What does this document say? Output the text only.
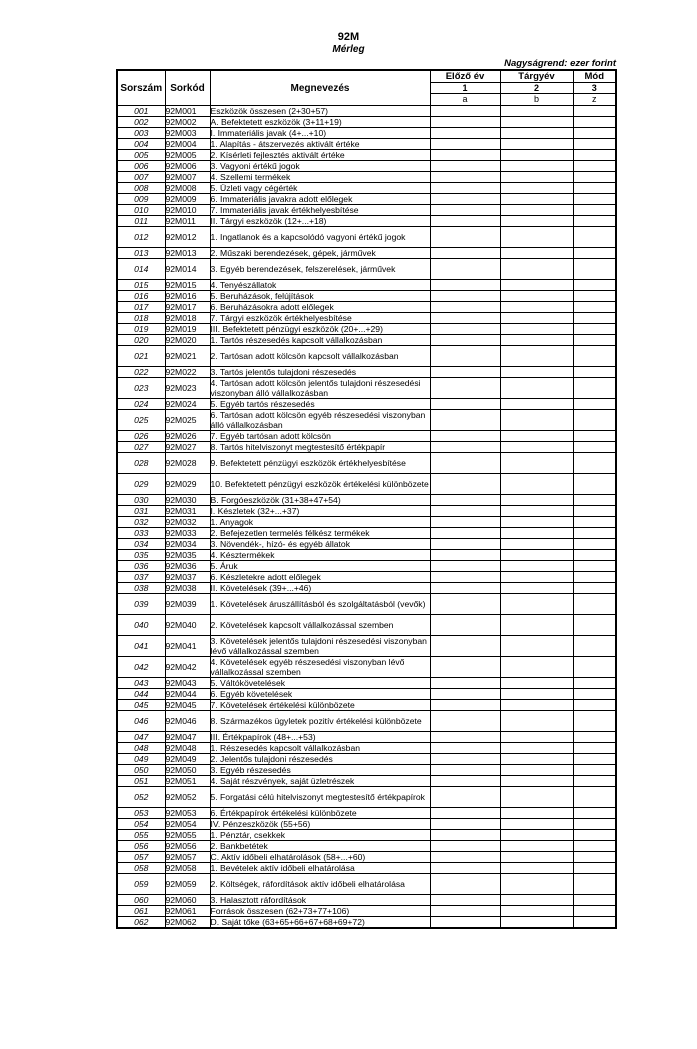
92M
Mérleg
Nagyságrend: ezer forint
Sorszám	Sorkód	Megnevezés	Előző év	Tárgyév	Mód
			1	2	3
			a	b	z
001	92M001	Eszközök összesen (2+30+57)			
002	92M002	A. Befektetett eszközök (3+11+19)			
003	92M003	I. Immateriális javak (4+...+10)			
004	92M004	1. Alapítás - átszervezés aktivált értéke			
005	92M005	2. Kísérleti fejlesztés aktivált értéke			
006	92M006	3. Vagyoni értékű jogok			
007	92M007	4. Szellemi termékek			
008	92M008	5. Üzleti vagy cégérték			
009	92M009	6. Immateriális javakra adott előlegek			
010	92M010	7. Immateriális javak értékhelyesbítése			
011	92M011	II. Tárgyi eszközök (12+...+18)			
012	92M012	1. Ingatlanok és a kapcsolódó vagyoni értékű jogok			
013	92M013	2. Műszaki berendezések, gépek, járművek			
014	92M014	3. Egyéb berendezések, felszerelések, járművek			
015	92M015	4. Tenyészállatok			
016	92M016	5. Beruházások, felújítások			
017	92M017	6. Beruházásokra adott előlegek			
018	92M018	7. Tárgyi eszközök értékhelyesbítése			
019	92M019	III. Befektetett pénzügyi eszközök (20+...+29)			
020	92M020	1. Tartós részesedés kapcsolt vállalkozásban			
021	92M021	2. Tartósan adott kölcsön kapcsolt vállalkozásban			
022	92M022	3. Tartós jelentős tulajdoni részesedés			
023	92M023	4. Tartósan adott kölcsön jelentős tulajdoni részesedési viszonyban álló vállalkozásban			
024	92M024	5. Egyéb tartós részesedés			
025	92M025	6. Tartósan adott kölcsön egyéb részesedési viszonyban álló vállalkozásban			
026	92M026	7. Egyéb tartósan adott kölcsön			
027	92M027	8. Tartós hitelviszonyt megtestesítő értékpapír			
028	92M028	9. Befektetett pénzügyi eszközök értékhelyesbítése			
029	92M029	10. Befektetett pénzügyi eszközök értékelési különbözete			
030	92M030	B. Forgóeszközök (31+38+47+54)			
031	92M031	I. Készletek (32+...+37)			
032	92M032	1. Anyagok			
033	92M033	2. Befejezetlen termelés félkész termékek			
034	92M034	3. Növendék-, hízó- és egyéb állatok			
035	92M035	4. Késztermékek			
036	92M036	5. Áruk			
037	92M037	6. Készletekre adott előlegek			
038	92M038	II. Követelések (39+...+46)			
039	92M039	1. Követelések áruszállításból és szolgáltatásból (vevők)			
040	92M040	2. Követelések kapcsolt vállalkozással szemben			
041	92M041	3. Követelések jelentős tulajdoni részesedési viszonyban lévő vállalkozással szemben			
042	92M042	4. Követelések egyéb részesedési viszonyban lévő vállalkozással szemben			
043	92M043	5. Váltókövetelések			
044	92M044	6. Egyéb követelések			
045	92M045	7. Követelések értékelési különbözete			
046	92M046	8. Származékos ügyletek pozitív értékelési különbözete			
047	92M047	III. Értékpapírok (48+...+53)			
048	92M048	1. Részesedés kapcsolt vállalkozásban			
049	92M049	2. Jelentős tulajdoni részesedés			
050	92M050	3. Egyéb részesedés			
051	92M051	4. Saját részvények, saját üzletrészek			
052	92M052	5. Forgatási célú hitelviszonyt megtestesítő értékpapírok			
053	92M053	6. Értékpapírok értékelési különbözete			
054	92M054	IV. Pénzeszközök (55+56)			
055	92M055	1. Pénztár, csekkek			
056	92M056	2. Bankbetétek			
057	92M057	C. Aktív időbeli elhatárolások (58+...+60)			
058	92M058	1. Bevételek aktív időbeli elhatárolása			
059	92M059	2. Költségek, ráfordítások aktív időbeli elhatárolása			
060	92M060	3. Halasztott ráfordítások			
061	92M061	Források összesen (62+73+77+106)			
062	92M062	D. Saját tőke (63+65+66+67+68+69+72)			
